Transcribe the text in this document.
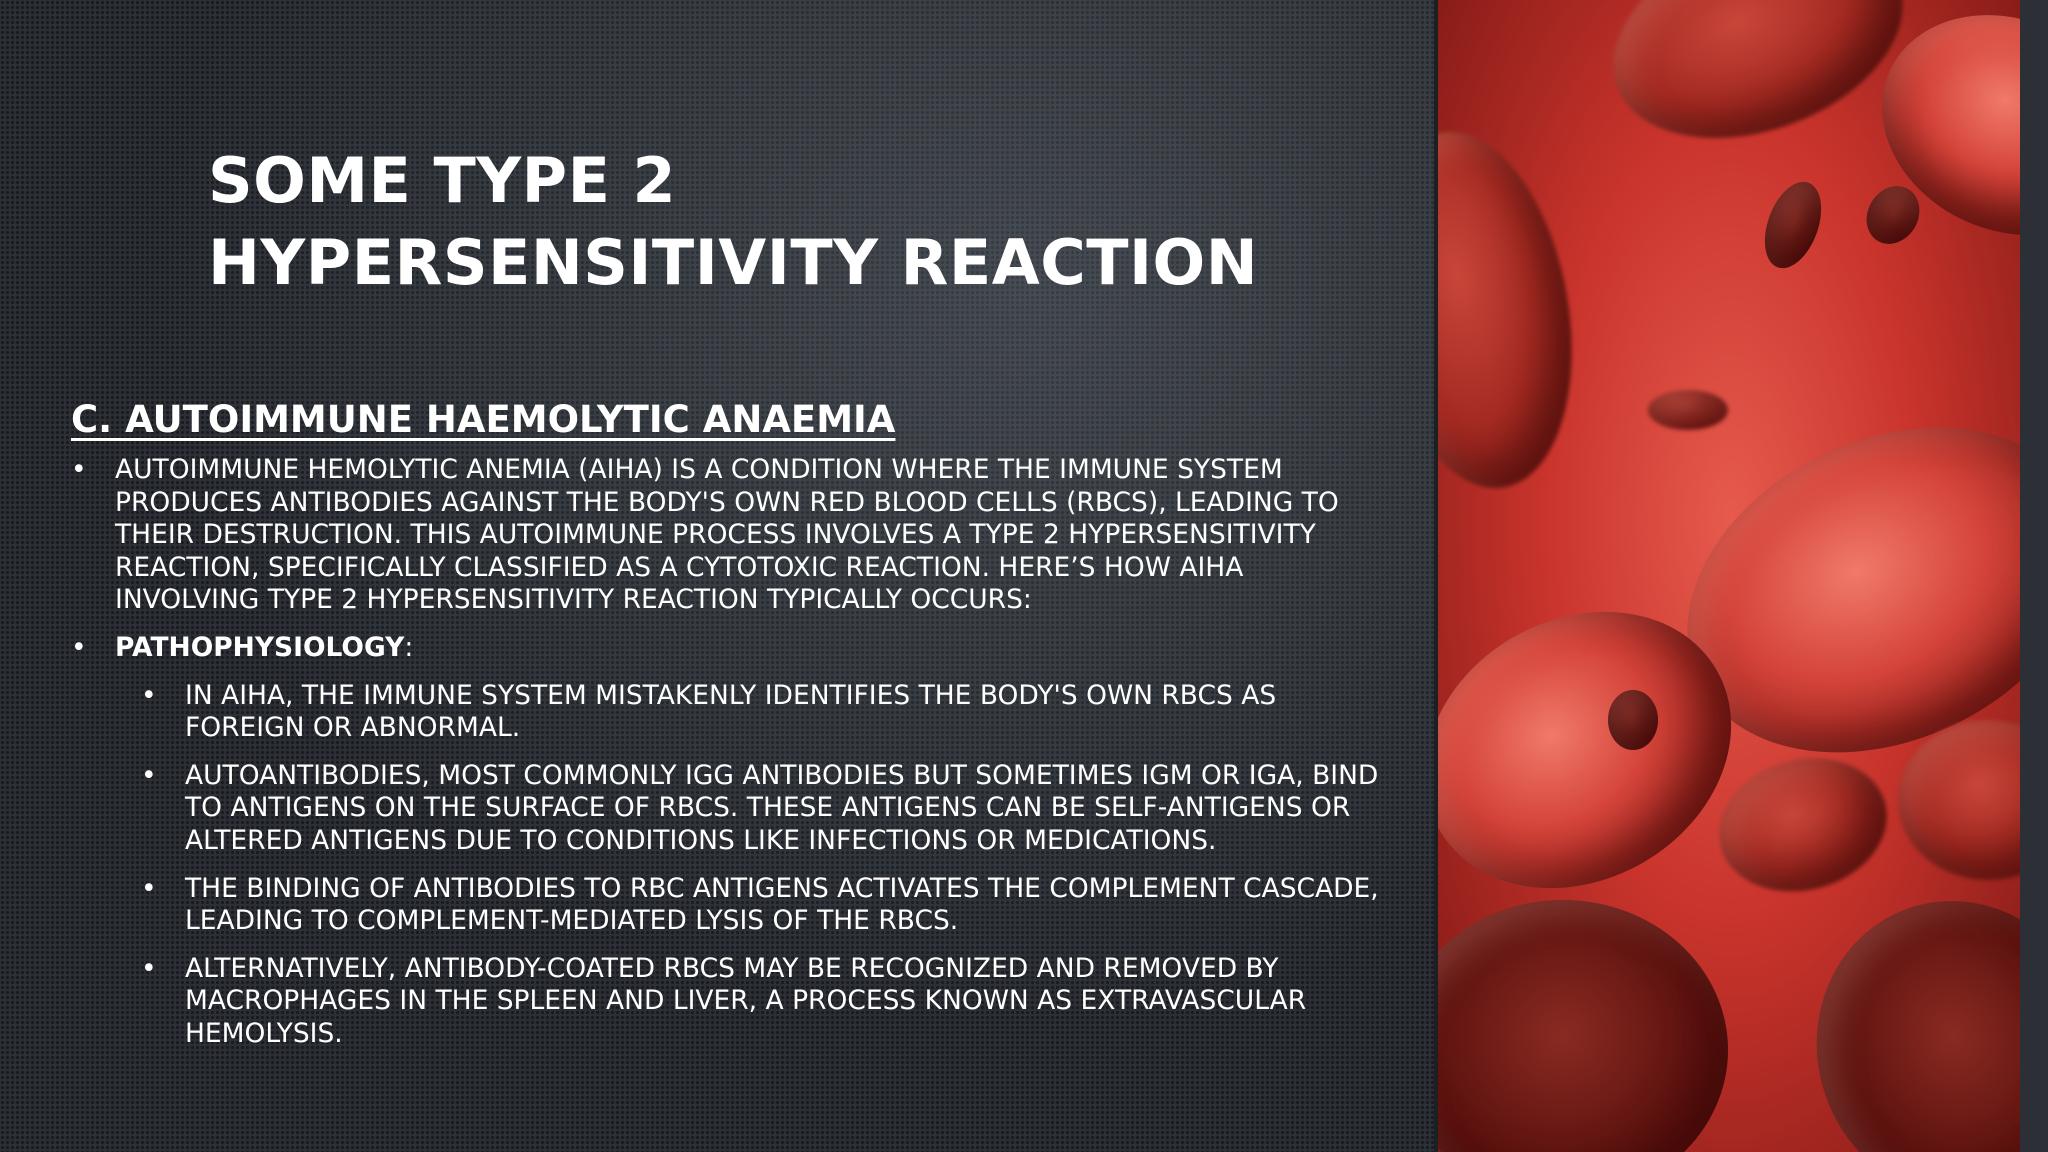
SOME TYPE 2 HYPERSENSITIVITY REACTION
C. AUTOIMMUNE HAEMOLYTIC ANAEMIA
• AUTOIMMUNE HEMOLYTIC ANEMIA (AIHA) IS A CONDITION WHERE THE IMMUNE SYSTEM PRODUCES ANTIBODIES AGAINST THE BODY'S OWN RED BLOOD CELLS (RBCS), LEADING TO THEIR DESTRUCTION. THIS AUTOIMMUNE PROCESS INVOLVES A TYPE 2 HYPERSENSITIVITY REACTION, SPECIFICALLY CLASSIFIED AS A CYTOTOXIC REACTION. HERE’S HOW AIHA INVOLVING TYPE 2 HYPERSENSITIVITY REACTION TYPICALLY OCCURS:
• PATHOPHYSIOLOGY:
• IN AIHA, THE IMMUNE SYSTEM MISTAKENLY IDENTIFIES THE BODY'S OWN RBCS AS FOREIGN OR ABNORMAL.
• AUTOANTIBODIES, MOST COMMONLY IGG ANTIBODIES BUT SOMETIMES IGM OR IGA, BIND TO ANTIGENS ON THE SURFACE OF RBCS. THESE ANTIGENS CAN BE SELF-ANTIGENS OR ALTERED ANTIGENS DUE TO CONDITIONS LIKE INFECTIONS OR MEDICATIONS.
• THE BINDING OF ANTIBODIES TO RBC ANTIGENS ACTIVATES THE COMPLEMENT CASCADE, LEADING TO COMPLEMENT-MEDIATED LYSIS OF THE RBCS.
• ALTERNATIVELY, ANTIBODY-COATED RBCS MAY BE RECOGNIZED AND REMOVED BY MACROPHAGES IN THE SPLEEN AND LIVER, A PROCESS KNOWN AS EXTRAVASCULAR HEMOLYSIS.
